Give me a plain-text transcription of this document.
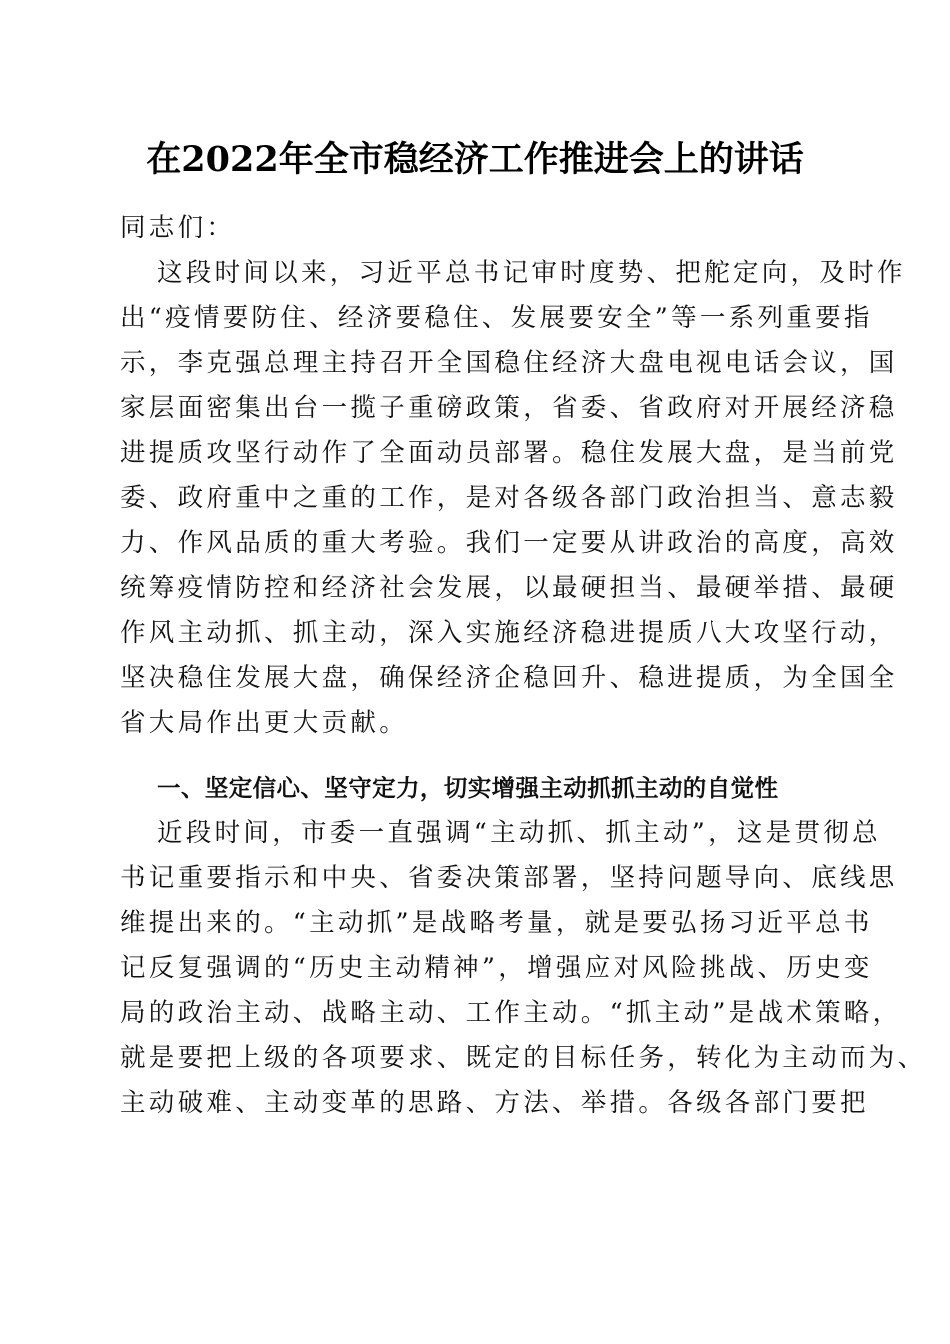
在2022年全市稳经济工作推进会上的讲话
同志们：
这段时间以来，习近平总书记审时度势、把舵定向，及时作
出“疫情要防住、经济要稳住、发展要安全”等一系列重要指
示，李克强总理主持召开全国稳住经济大盘电视电话会议，国
家层面密集出台一揽子重磅政策，省委、省政府对开展经济稳
进提质攻坚行动作了全面动员部署。稳住发展大盘，是当前党
委、政府重中之重的工作，是对各级各部门政治担当、意志毅
力、作风品质的重大考验。我们一定要从讲政治的高度，高效
统筹疫情防控和经济社会发展，以最硬担当、最硬举措、最硬
作风主动抓、抓主动，深入实施经济稳进提质八大攻坚行动，
坚决稳住发展大盘，确保经济企稳回升、稳进提质，为全国全
省大局作出更大贡献。
一、坚定信心、坚守定力，切实增强主动抓抓主动的自觉性
近段时间，市委一直强调“主动抓、抓主动”，这是贯彻总
书记重要指示和中央、省委决策部署，坚持问题导向、底线思
维提出来的。“主动抓”是战略考量，就是要弘扬习近平总书
记反复强调的“历史主动精神”，增强应对风险挑战、历史变
局的政治主动、战略主动、工作主动。“抓主动”是战术策略，
就是要把上级的各项要求、既定的目标任务，转化为主动而为、
主动破难、主动变革的思路、方法、举措。各级各部门要把
